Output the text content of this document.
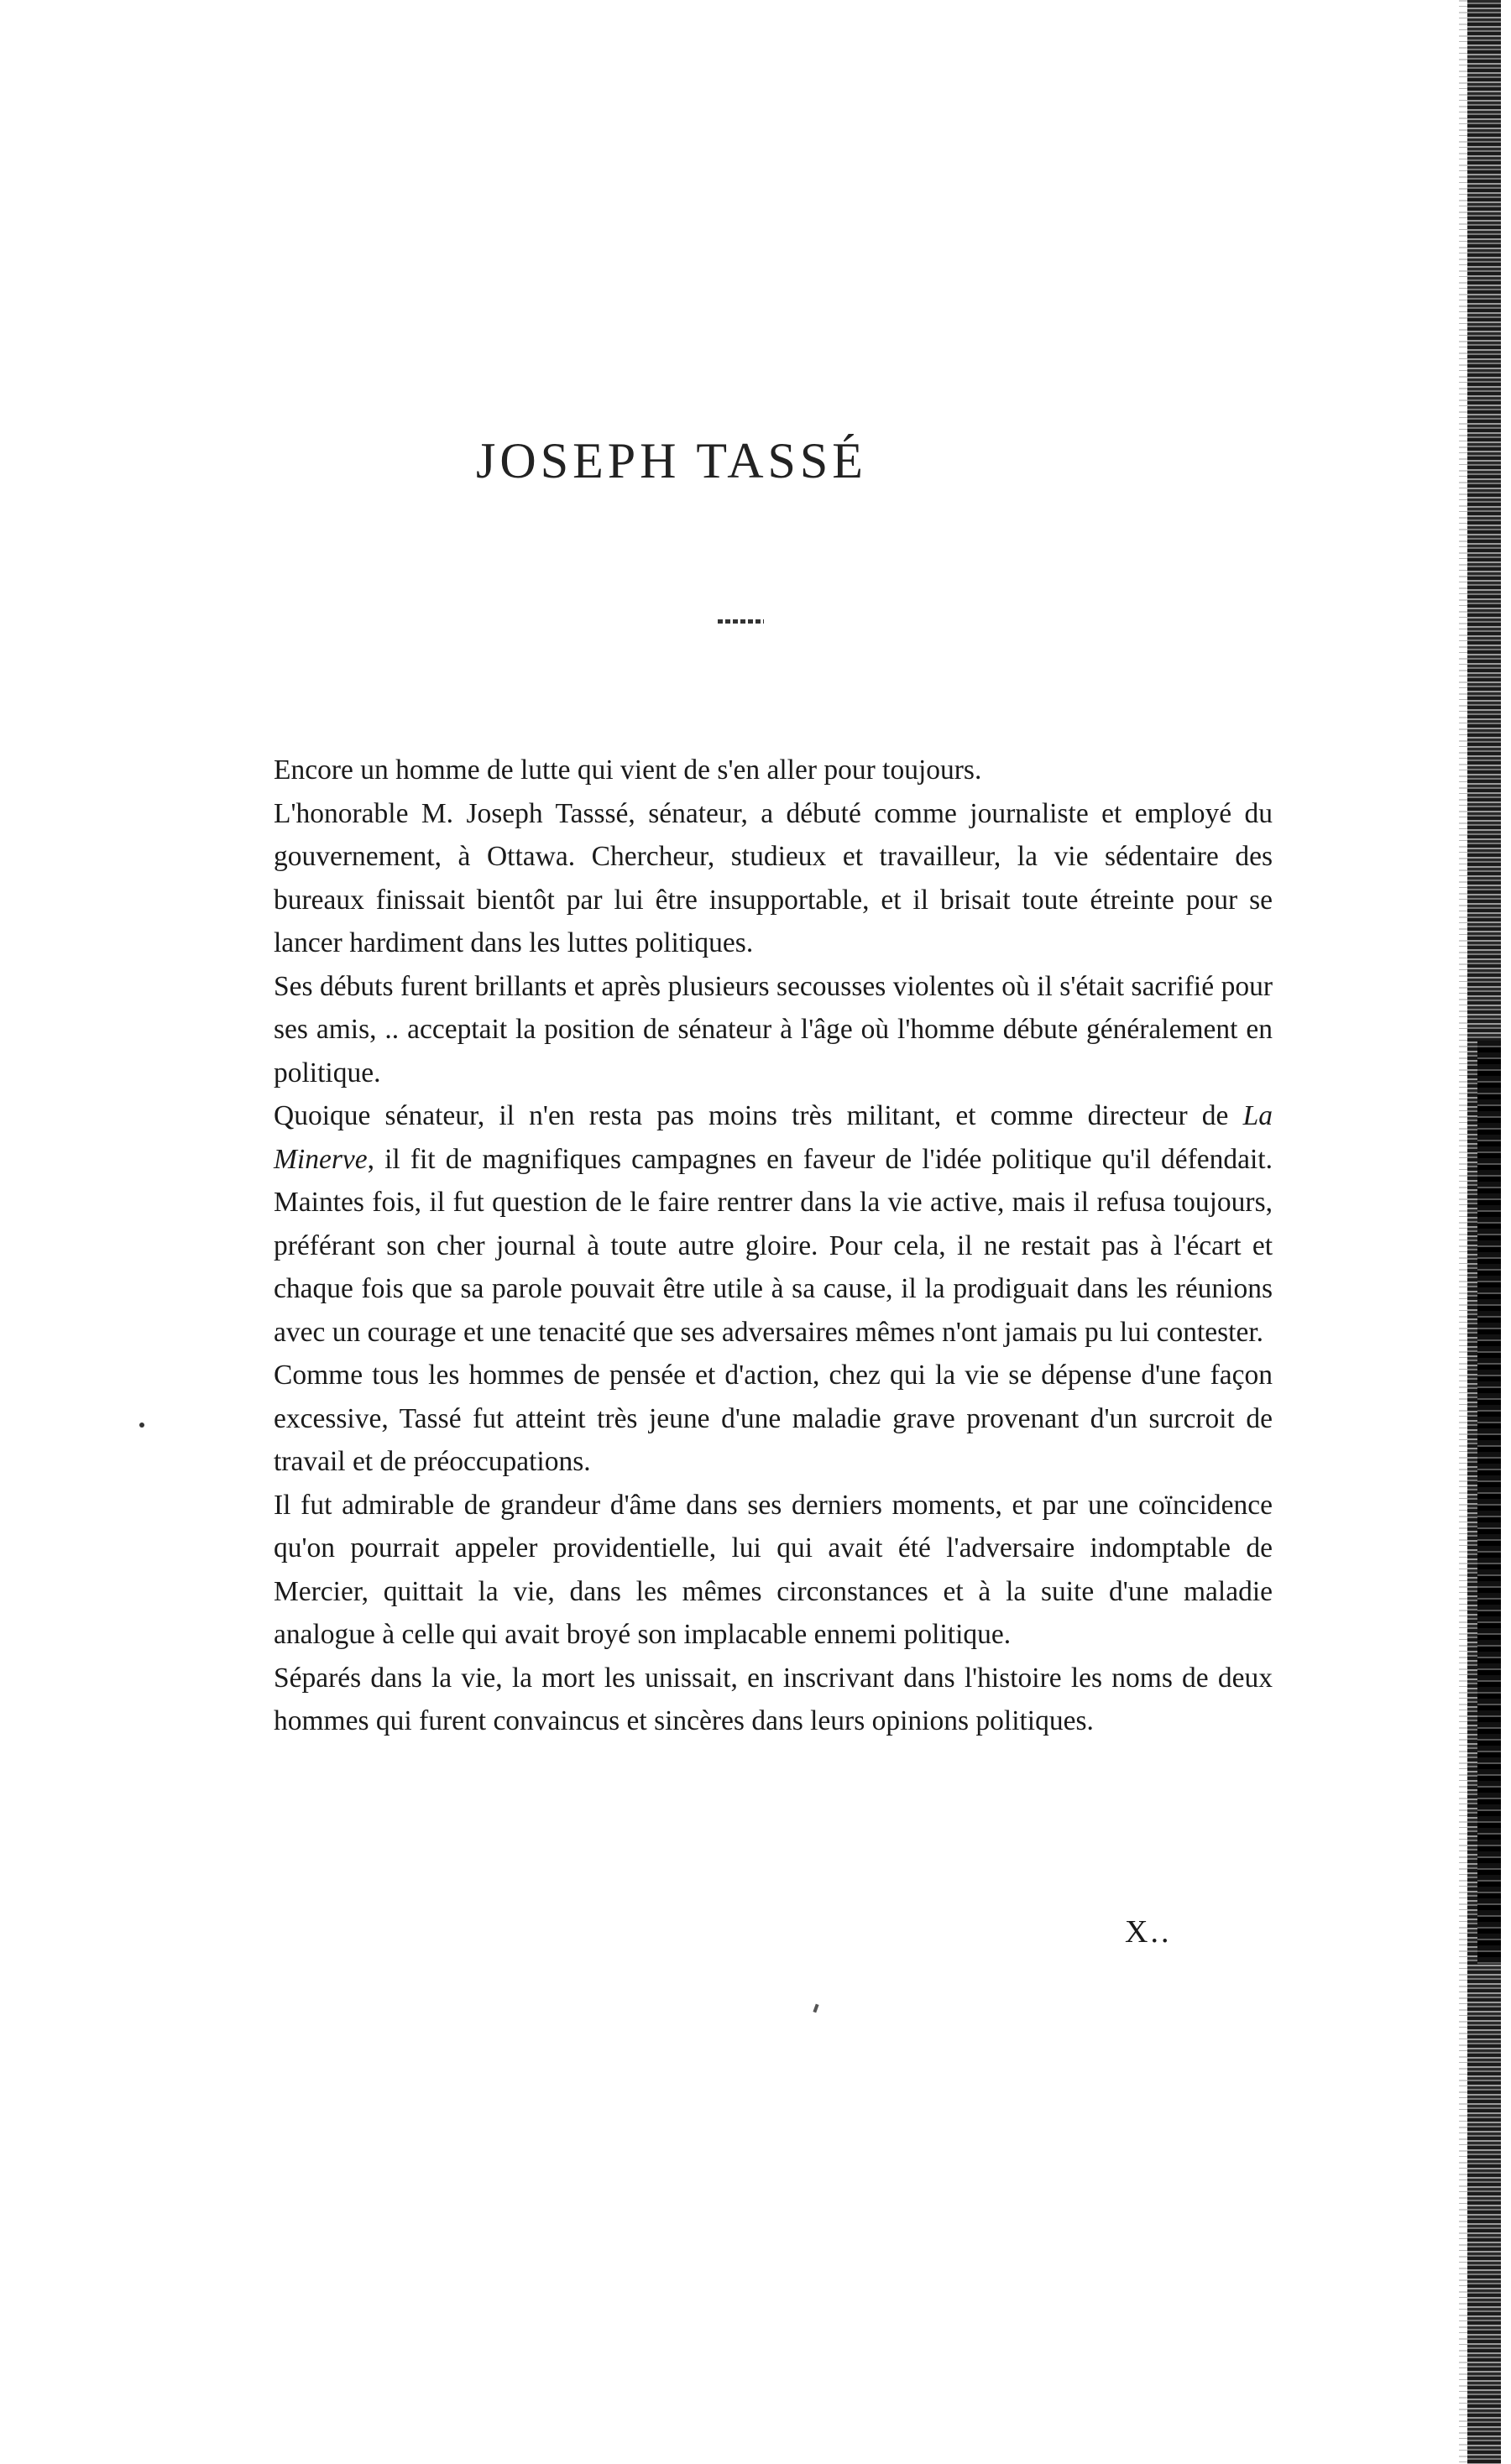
JOSEPH TASSÉ

Encore un homme de lutte qui vient de s'en aller pour toujours.

L'honorable M. Joseph Tasssé, sénateur, a débuté comme journaliste et employé du gouvernement, à Ottawa. Chercheur, studieux et travailleur, la vie sédentaire des bureaux finissait bientôt par lui être insupportable, et il brisait toute étreinte pour se lancer hardiment dans les luttes politiques.

Ses débuts furent brillants et après plusieurs secousses violentes où il s'était sacrifié pour ses amis, .. acceptait la position de sénateur à l'âge où l'homme débute généralement en politique.

Quoique sénateur, il n'en resta pas moins très militant, et comme directeur de La Minerve, il fit de magnifiques campagnes en faveur de l'idée politique qu'il défendait. Maintes fois, il fut question de le faire rentrer dans la vie active, mais il refusa toujours, préférant son cher journal à toute autre gloire. Pour cela, il ne restait pas à l'écart et chaque fois que sa parole pouvait être utile à sa cause, il la prodiguait dans les réunions avec un courage et une tenacité que ses adversaires mêmes n'ont jamais pu lui contester.

Comme tous les hommes de pensée et d'action, chez qui la vie se dépense d'une façon excessive, Tassé fut atteint très jeune d'une maladie grave provenant d'un surcroit de travail et de préoccupations.

Il fut admirable de grandeur d'âme dans ses derniers moments, et par une coïncidence qu'on pourrait appeler providentielle, lui qui avait été l'adversaire indomptable de Mercier, quittait la vie, dans les mêmes circonstances et à la suite d'une maladie analogue à celle qui avait broyé son implacable ennemi politique.

Séparés dans la vie, la mort les unissait, en inscrivant dans l'histoire les noms de deux hommes qui furent convaincus et sincères dans leurs opinions politiques.

X..
